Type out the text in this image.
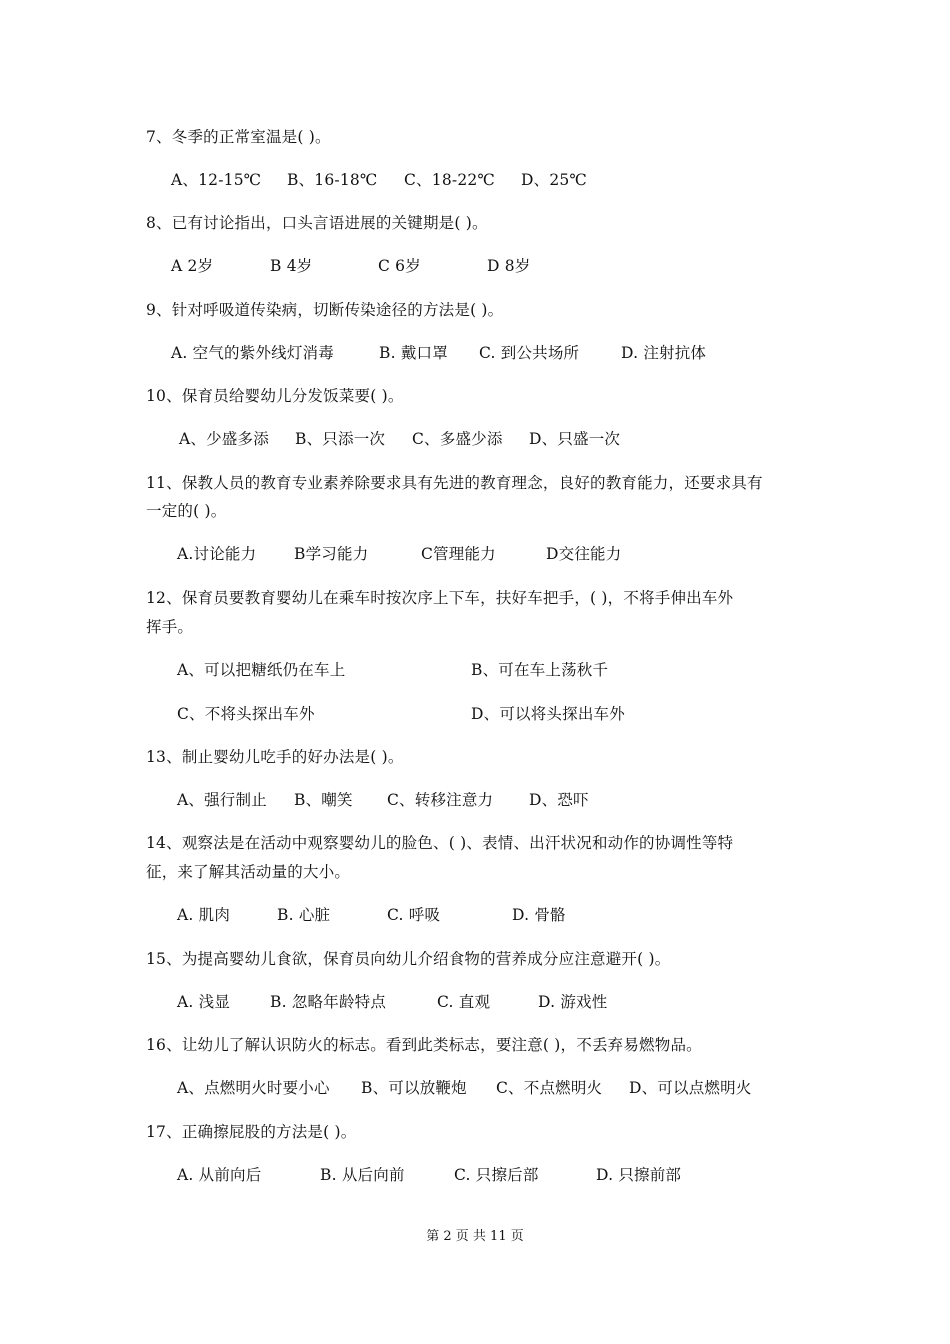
7、冬季的正常室温是( )。
A、12-15℃ B、16-18℃ C、18-22℃ D、25℃
8、已有讨论指出，口头言语进展的关键期是( )。
A 2岁	B 4岁	C 6岁	D 8岁
9、针对呼吸道传染病，切断传染途径的方法是( )。
A. 空气的紫外线灯消毒	B. 戴口罩 C. 到公共场所	D. 注射抗体
10、保育员给婴幼儿分发饭菜要( )。
A、少盛多添 B、只添一次 C、多盛少添 D、只盛一次
11、保教人员的教育专业素养除要求具有先进的教育理念，良好的教育能力，还要求具有
一定的( )。
A.讨论能力 B学习能力	C管理能力	D交往能力
12、保育员要教育婴幼儿在乘车时按次序上下车，扶好车把手，( )，不将手伸出车外
挥手。
A、可以把糖纸仍在车上	B、可在车上荡秋千
C、不将头探出车外	D、可以将头探出车外
13、制止婴幼儿吃手的好办法是( )。
A、强行制止 B、嘲笑 C、转移注意力 D、恐吓
14、观察法是在活动中观察婴幼儿的脸色、( )、表情、出汗状况和动作的协调性等特
征，来了解其活动量的大小。
A. 肌肉	B. 心脏	C. 呼吸	D. 骨骼
15、为提高婴幼儿食欲，保育员向幼儿介绍食物的营养成分应注意避开( )。
A. 浅显	B. 忽略年龄特点	C. 直观	D. 游戏性
16、让幼儿了解认识防火的标志。看到此类标志，要注意( )，不丢弃易燃物品。
A、点燃明火时要小心 B、可以放鞭炮 C、不点燃明火 D、可以点燃明火
17、正确擦屁股的方法是( )。
A. 从前向后	B. 从后向前	C. 只擦后部	D. 只擦前部
第 2 页 共 11 页
